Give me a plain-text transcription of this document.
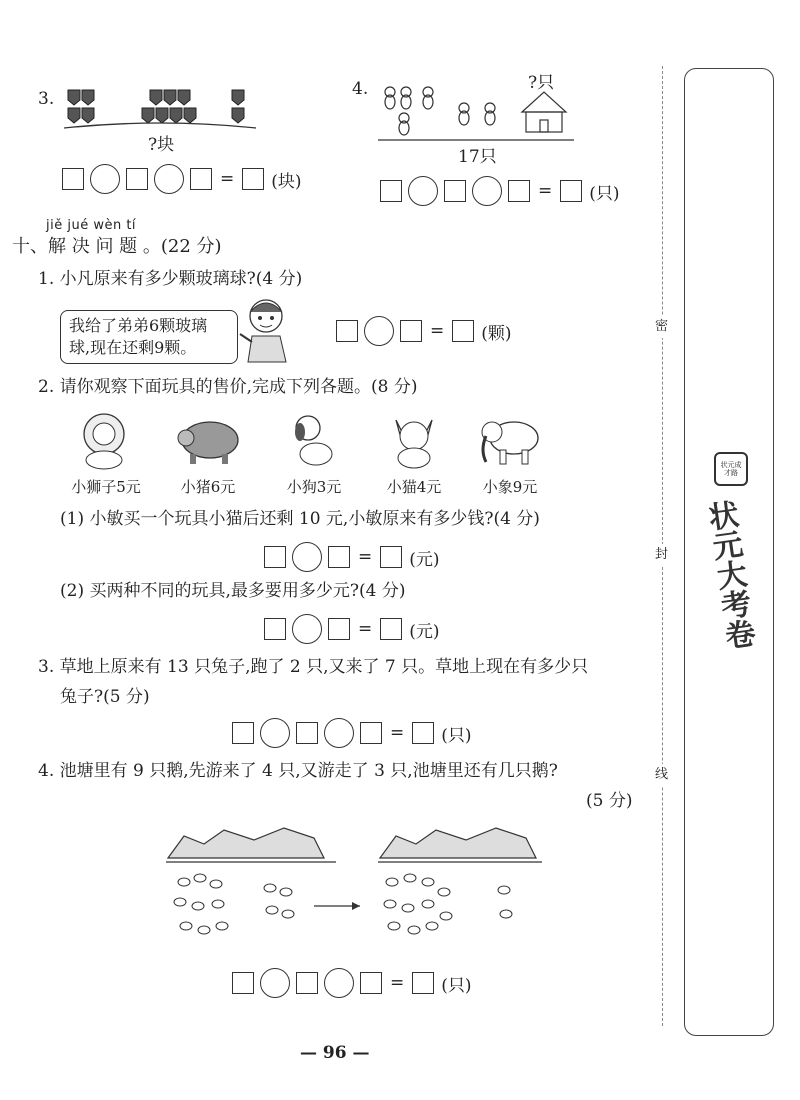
3.
?块
= (块)
4.	?只
17只
= (只)
jiě jué wèn tí
十、解 决 问 题 。(22 分)
1. 小凡原来有多少颗玻璃球?(4 分)
我给了弟弟6颗玻璃
球,现在还剩9颗。
= (颗)
2. 请你观察下面玩具的售价,完成下列各题。(8 分)
小狮子5元	小猪6元	小狗3元	小猫4元	小象9元
(1) 小敏买一个玩具小猫后还剩 10 元,小敏原来有多少钱?(4 分)
= (元)
(2) 买两种不同的玩具,最多要用多少元?(4 分)
= (元)
3. 草地上原来有 13 只兔子,跑了 2 只,又来了 7 只。草地上现在有多少只
兔子?(5 分)
= (只)
4. 池塘里有 9 只鹅,先游来了 4 只,又游走了 3 只,池塘里还有几只鹅?
(5 分)
= (只)
— 96 —
密
封
线
状元成才路
状元大考卷
